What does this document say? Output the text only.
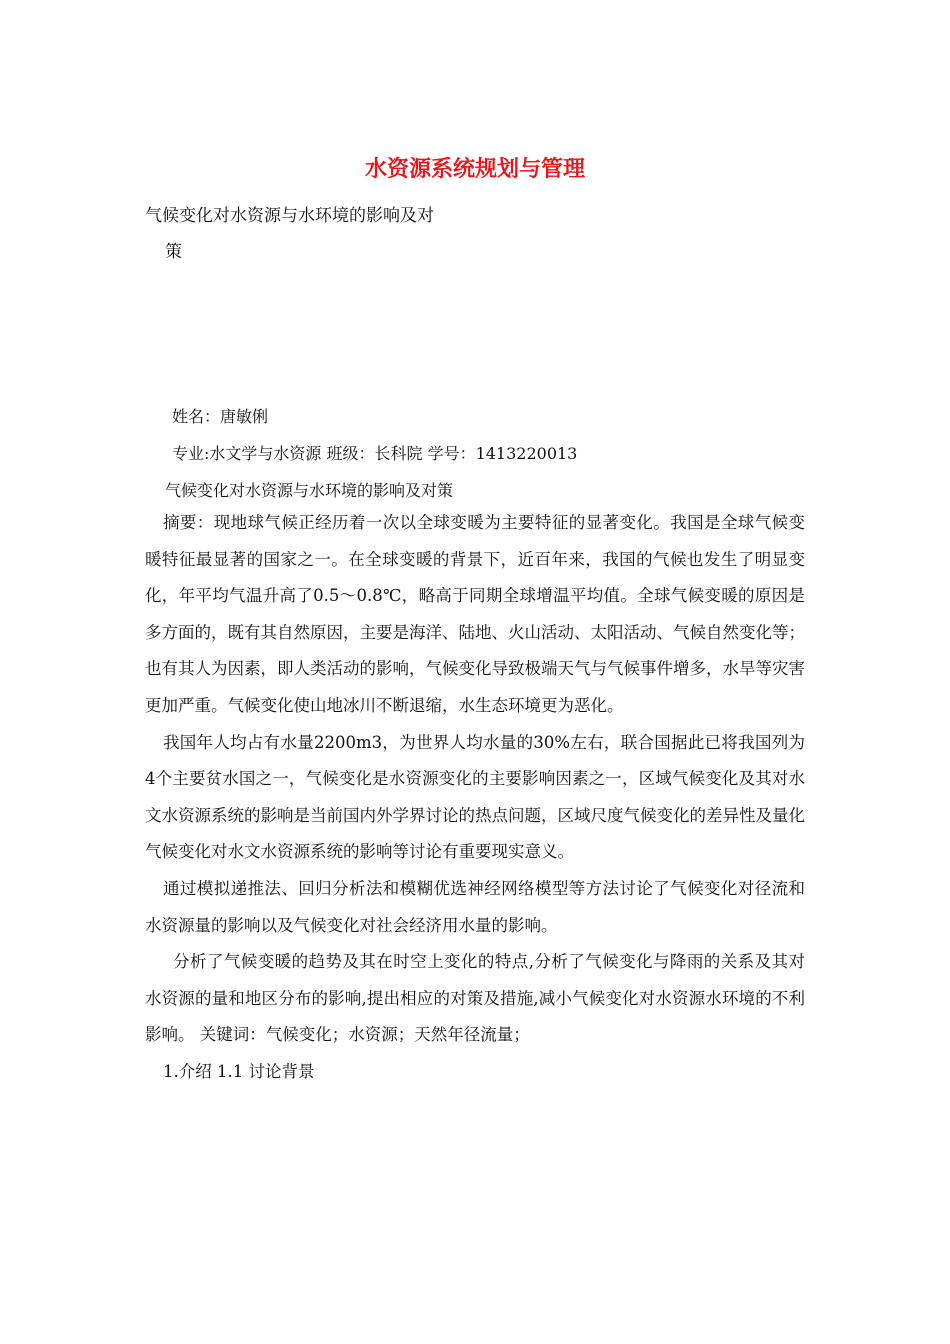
水资源系统规划与管理
气候变化对水资源与水环境的影响及对
策
姓名：唐敏俐
专业:水文学与水资源 班级：长科院 学号：1413220013
气候变化对水资源与水环境的影响及对策

摘要：现地球气候正经历着一次以全球变暖为主要特征的显著变化。我国是全球气候变暖特征最显著的国家之一。在全球变暖的背景下，近百年来，我国的气候也发生了明显变化，年平均气温升高了0.5～0.8℃，略高于同期全球增温平均值。全球气候变暖的原因是多方面的，既有其自然原因，主要是海洋、陆地、火山活动、太阳活动、气候自然变化等；也有其人为因素，即人类活动的影响，气候变化导致极端天气与气候事件增多，水旱等灾害更加严重。气候变化使山地冰川不断退缩，水生态环境更为恶化。

我国年人均占有水量2200m3，为世界人均水量的30%左右，联合国据此已将我国列为4个主要贫水国之一，气候变化是水资源变化的主要影响因素之一，区域气候变化及其对水文水资源系统的影响是当前国内外学界讨论的热点问题，区域尺度气候变化的差异性及量化气候变化对水文水资源系统的影响等讨论有重要现实意义。

通过模拟递推法、回归分析法和模糊优选神经网络模型等方法讨论了气候变化对径流和水资源量的影响以及气候变化对社会经济用水量的影响。

分析了气候变暖的趋势及其在时空上变化的特点,分析了气候变化与降雨的关系及其对水资源的量和地区分布的影响,提出相应的对策及措施,减小气候变化对水资源水环境的不利影响。 关键词：气候变化；水资源；天然年径流量；

1.介绍 1.1 讨论背景
